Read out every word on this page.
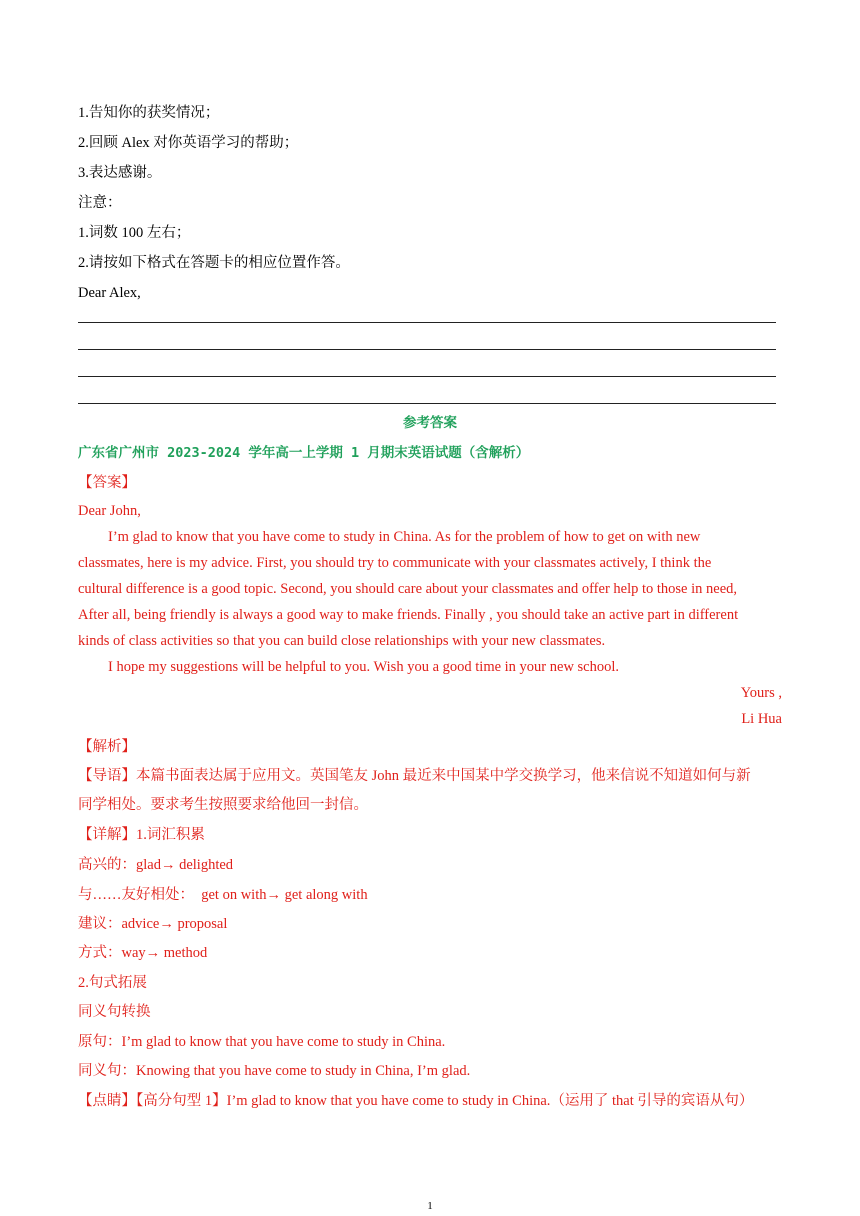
1.告知你的获奖情况；
2.回顾 Alex 对你英语学习的帮助；
3.表达感谢。
注意：
1.词数 100 左右；
2.请按如下格式在答题卡的相应位置作答。
Dear Alex,
参考答案
广东省广州市 2023-2024 学年高一上学期 1 月期末英语试题（含解析）
【答案】
Dear John,
I’m glad to know that you have come to study in China. As for the problem of how to get on with new
classmates, here is my advice. First, you should try to communicate with your classmates actively, I think the
cultural difference is a good topic. Second, you should care about your classmates and offer help to those in need,
After all, being friendly is always a good way to make friends. Finally , you should take an active part in different
kinds of class activities so that you can build close relationships with your new classmates.
I hope my suggestions will be helpful to you. Wish you a good time in your new school.
Yours ,
Li Hua
【解析】
【导语】本篇书面表达属于应用文。英国笔友 John 最近来中国某中学交换学习，他来信说不知道如何与新
同学相处。要求考生按照要求给他回一封信。
【详解】1.词汇积累
高兴的：glad→ delighted
与……友好相处：  get on with→ get along with
建议：advice→ proposal
方式：way→ method
2.句式拓展
同义句转换
原句：I’m glad to know that you have come to study in China.
同义句：Knowing that you have come to study in China, I’m glad.
【点睛】【高分句型 1】I’m glad to know that you have come to study in China.（运用了 that 引导的宾语从句）
1
